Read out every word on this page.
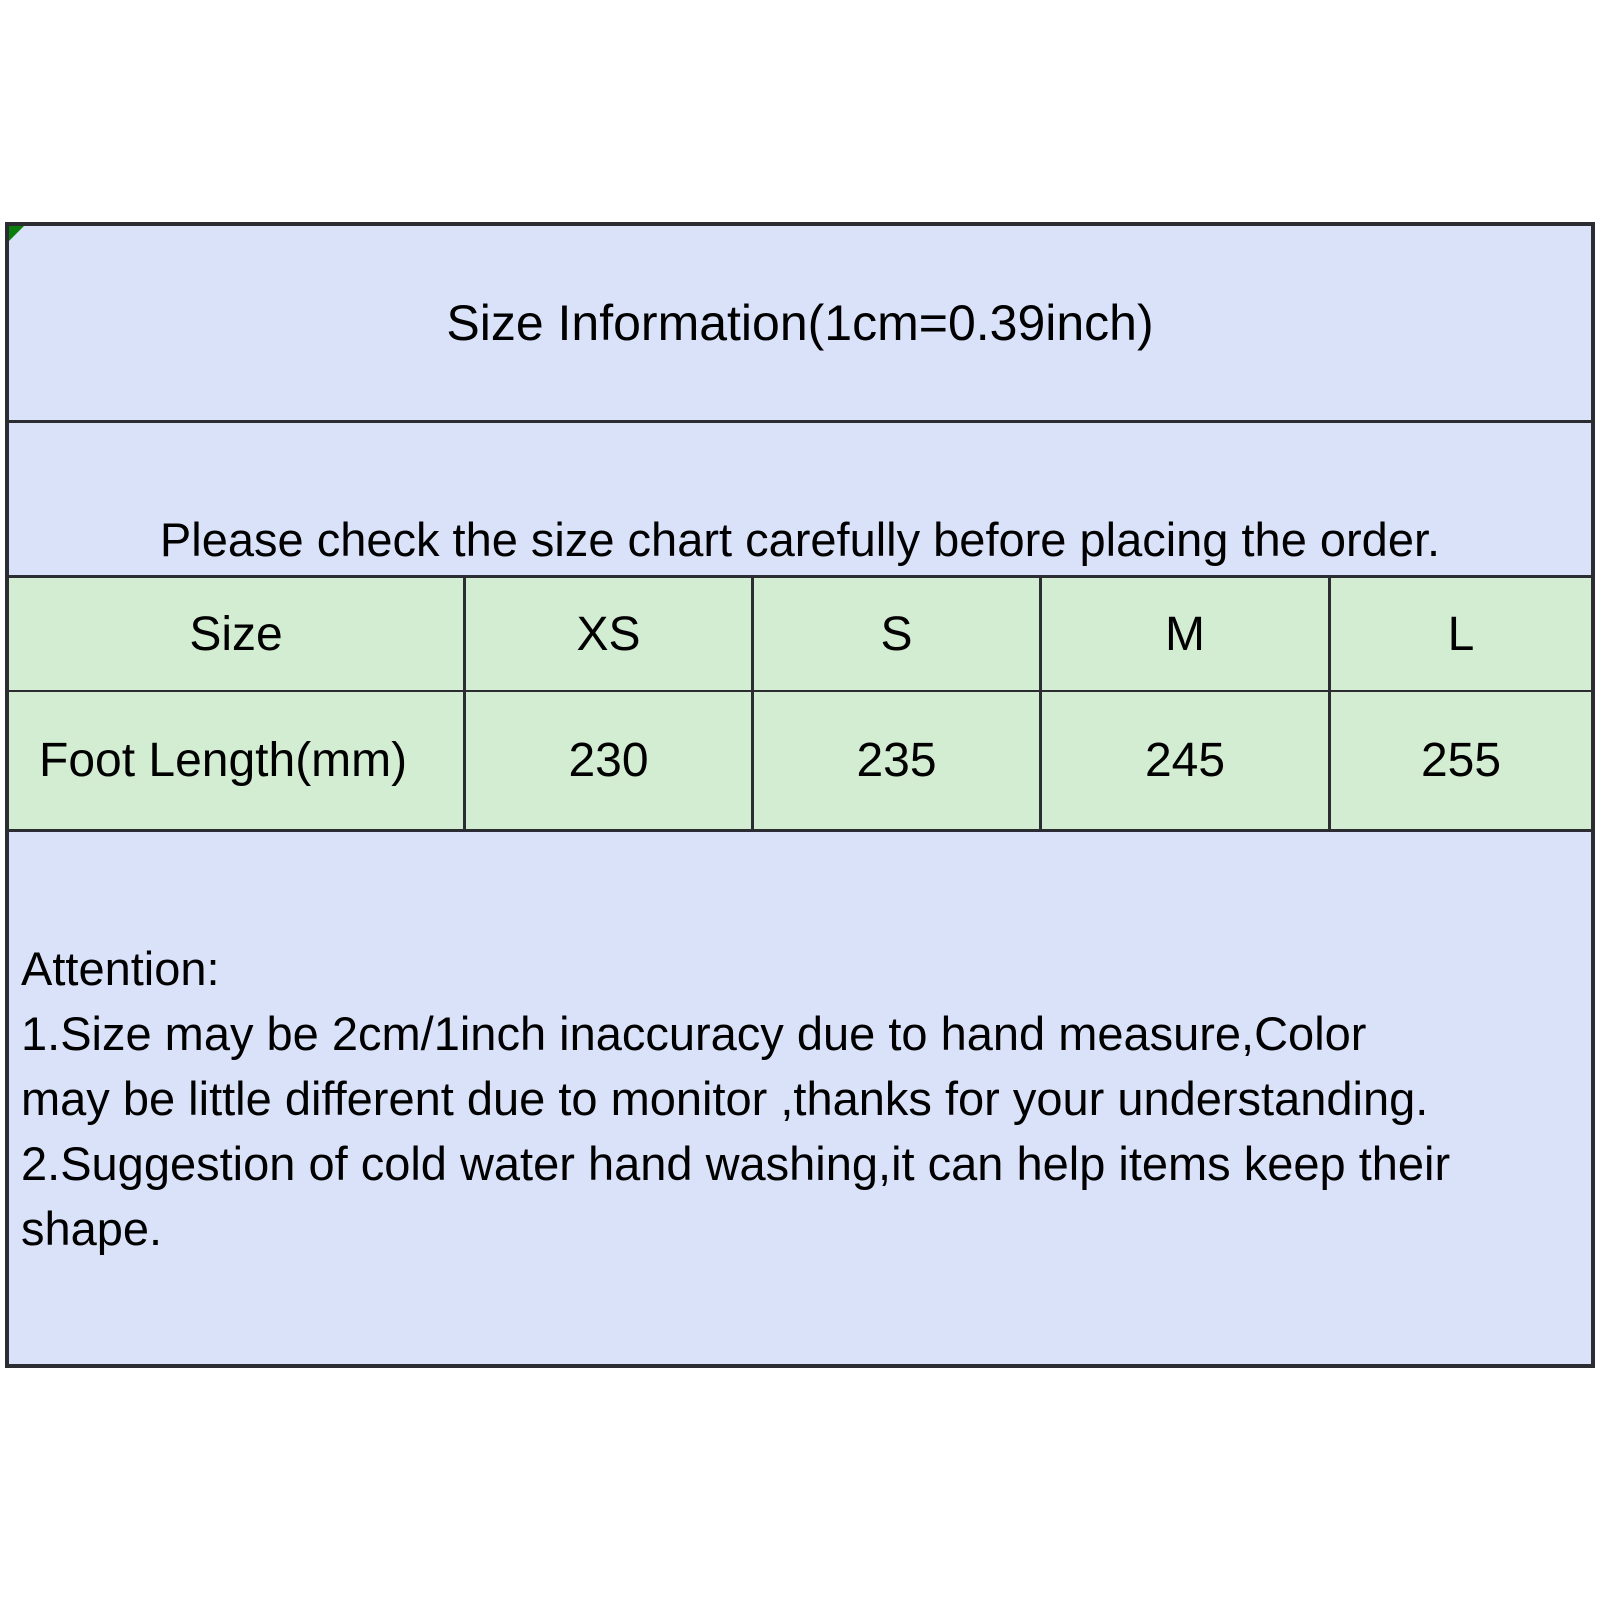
Size Information(1cm=0.39inch)
Please check the size chart carefully before placing the order.
Size	XS	S	M	L
Foot Length(mm)	230	235	245	255
Attention:
1.Size may be 2cm/1inch inaccuracy due to hand measure,Color
may be little different due to monitor ,thanks for your understanding.
2.Suggestion of cold water hand washing,it can help items keep their
shape.
